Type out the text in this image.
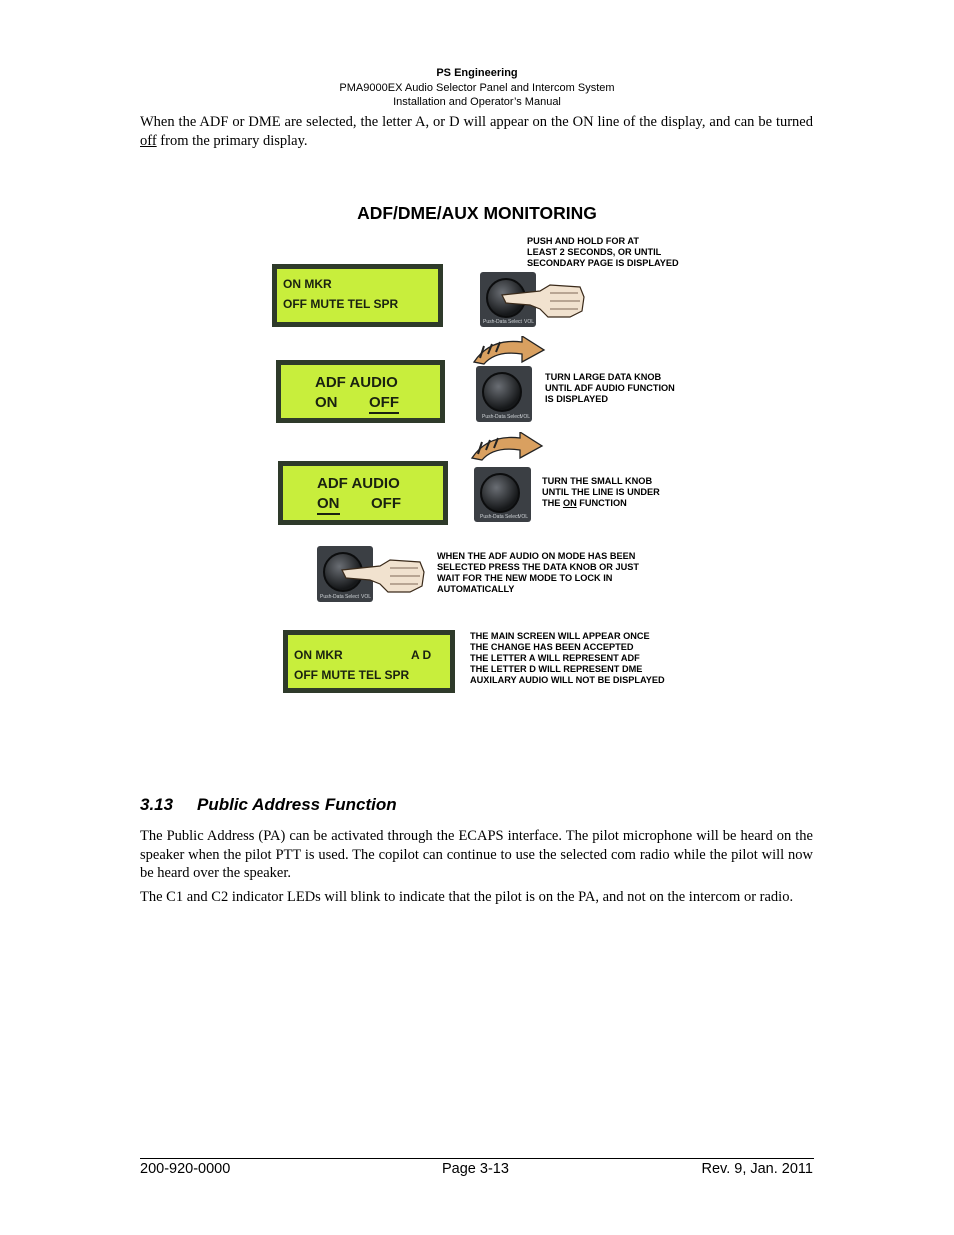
PS Engineering
PMA9000EX Audio Selector Panel and Intercom System
Installation and Operator’s Manual
When the ADF or DME are selected, the letter A, or D will appear on the ON line of the display, and can be turned off from the primary display.
ADF/DME/AUX MONITORING
ON MKR
OFF MUTE TEL SPR
Push-Data Select VOL
PUSH AND HOLD FOR AT
LEAST 2 SECONDS, OR UNTIL
SECONDARY PAGE IS DISPLAYED
ADF AUDIO
ON OFF
Push-Data Select VOL
TURN LARGE DATA KNOB
UNTIL ADF AUDIO FUNCTION
IS DISPLAYED
ADF AUDIO
ON OFF
Push-Data Select VOL
TURN THE SMALL KNOB
UNTIL THE LINE IS UNDER
THE ON FUNCTION
Push-Data Select VOL
WHEN THE ADF AUDIO ON MODE HAS BEEN
SELECTED PRESS THE DATA KNOB OR JUST
WAIT FOR THE NEW MODE TO LOCK IN
AUTOMATICALLY
ON MKR	A D
OFF MUTE TEL SPR
THE MAIN SCREEN WILL APPEAR ONCE
THE CHANGE HAS BEEN ACCEPTED
THE LETTER A WILL REPRESENT ADF
THE LETTER D WILL REPRESENT DME
AUXILARY AUDIO WILL NOT BE DISPLAYED
3.13 Public Address Function
The Public Address (PA) can be activated through the ECAPS interface. The pilot microphone will be heard on the speaker when the pilot PTT is used. The copilot can continue to use the selected com radio while the pilot will now be heard over the speaker.
The C1 and C2 indicator LEDs will blink to indicate that the pilot is on the PA, and not on the intercom or radio.
200-920-0000	Page 3-13	Rev. 9, Jan. 2011
